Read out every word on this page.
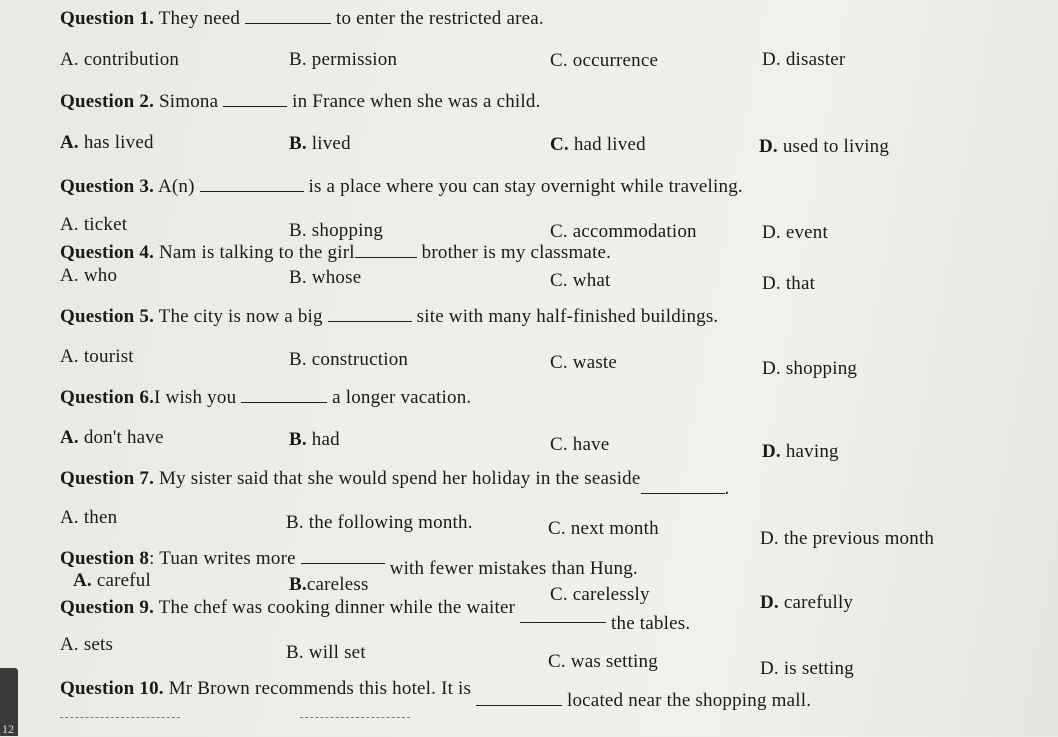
Question 1. They need	to enter the restricted area.
A. contribution	B. permission	C. occurrence	D. disaster
Question 2. Simona	in France when she was a child.
A. has lived	B. lived	C. had lived	D. used to living
Question 3. A(n)	is a place where you can stay overnight while traveling.
A. ticket	B. shopping	C. accommodation	D. event
Question 4. Nam is talking to the girl	brother is my classmate.
A. who	B. whose	C. what	D. that
Question 5. The city is now a big	site with many half-finished buildings.
A. tourist	B. construction	C. waste	D. shopping
Question 6.I wish you	a longer vacation.
A. don't have	B. had	C. have	D. having
Question 7. My sister said that she would spend her holiday in the seaside	.
A. then	B. the following month.	C. next month	D. the previous month
Question 8: Tuan writes more	with fewer mistakes than Hung.
A. careful	B.careless	C. carelessly	D. carefully
Question 9. The chef was cooking dinner while the waiter  the tables.
A. sets	B. will set	C. was setting	D. is setting
Question 10. Mr Brown recommends this hotel. It is  located near the shopping mall.
12
